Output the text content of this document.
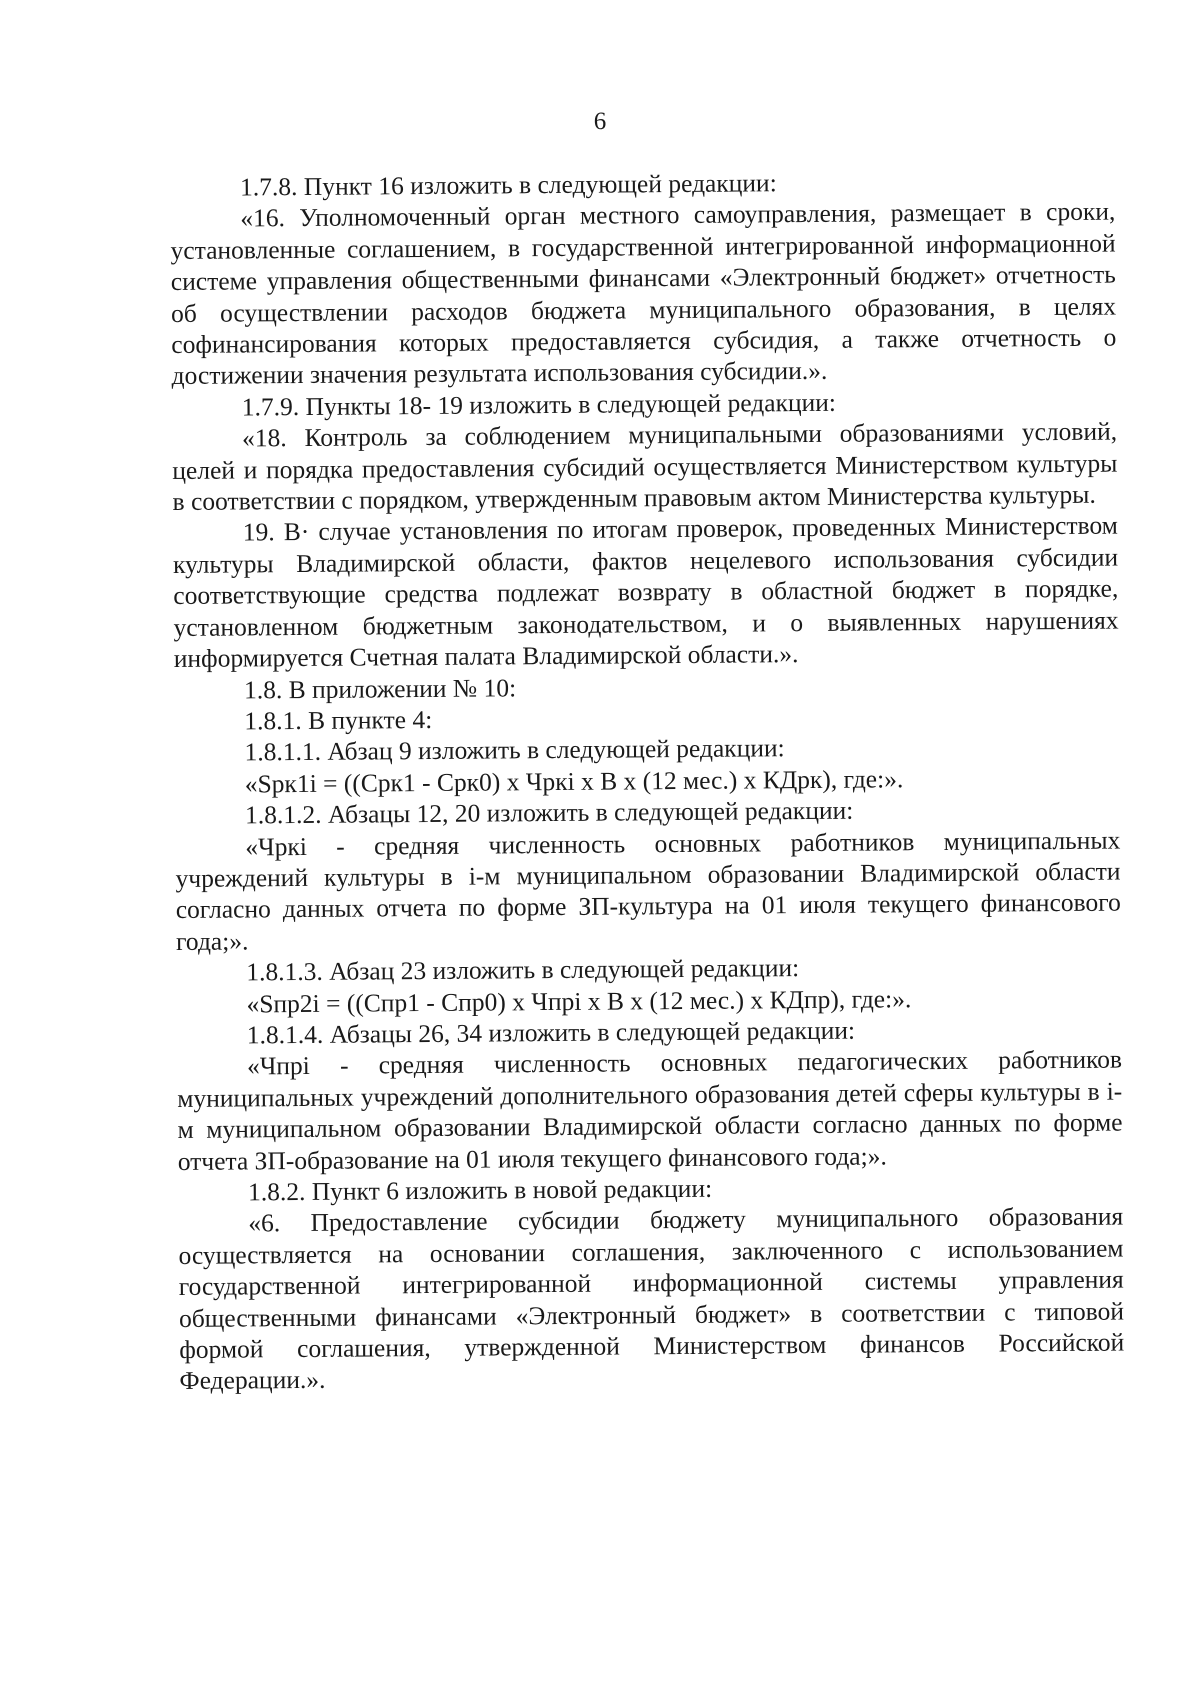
6

1.7.8. Пункт 16 изложить в следующей редакции:

«16. Уполномоченный орган местного самоуправления, размещает в сроки, установленные соглашением, в государственной интегрированной информационной системе управления общественными финансами «Электронный бюджет» отчетность об осуществлении расходов бюджета муниципального образования, в целях софинансирования которых предоставляется субсидия, а также отчетность о достижении значения результата использования субсидии.».

1.7.9. Пункты 18- 19 изложить в следующей редакции:

«18. Контроль за соблюдением муниципальными образованиями условий, целей и порядка предоставления субсидий осуществляется Министерством культуры в соответствии с порядком, утвержденным правовым актом Министерства культуры.

19. В· случае установления по итогам проверок, проведенных Министерством культуры Владимирской области, фактов нецелевого использования субсидии соответствующие средства подлежат возврату в областной бюджет в порядке, установленном бюджетным законодательством, и о выявленных нарушениях информируется Счетная палата Владимирской области.».

1.8. В приложении № 10:

1.8.1. В пункте 4:

1.8.1.1. Абзац 9 изложить в следующей редакции:

«Sрк1i = ((Срк1 - Срк0) х Чркi х В х (12 мес.) х КДрк), где:».

1.8.1.2. Абзацы 12, 20 изложить в следующей редакции:

«Чркi - средняя численность основных работников муниципальных учреждений культуры в i-м муниципальном образовании Владимирской области согласно данных отчета по форме ЗП-культура на 01 июля текущего финансового года;».

1.8.1.3. Абзац 23 изложить в следующей редакции:

«Sпр2i = ((Спр1 - Спр0) х Чпрi х В х (12 мес.) х КДпр), где:».

1.8.1.4. Абзацы 26, 34 изложить в следующей редакции:

«Чпрi - средняя численность основных педагогических работников муниципальных учреждений дополнительного образования детей сферы культуры в i-м муниципальном образовании Владимирской области согласно данных по форме отчета ЗП-образование на 01 июля текущего финансового года;».

1.8.2. Пункт 6 изложить в новой редакции:

«6. Предоставление субсидии бюджету муниципального образования осуществляется на основании соглашения, заключенного с использованием государственной интегрированной информационной системы управления общественными финансами «Электронный бюджет» в соответствии с типовой формой соглашения, утвержденной Министерством финансов Российской Федерации.».
